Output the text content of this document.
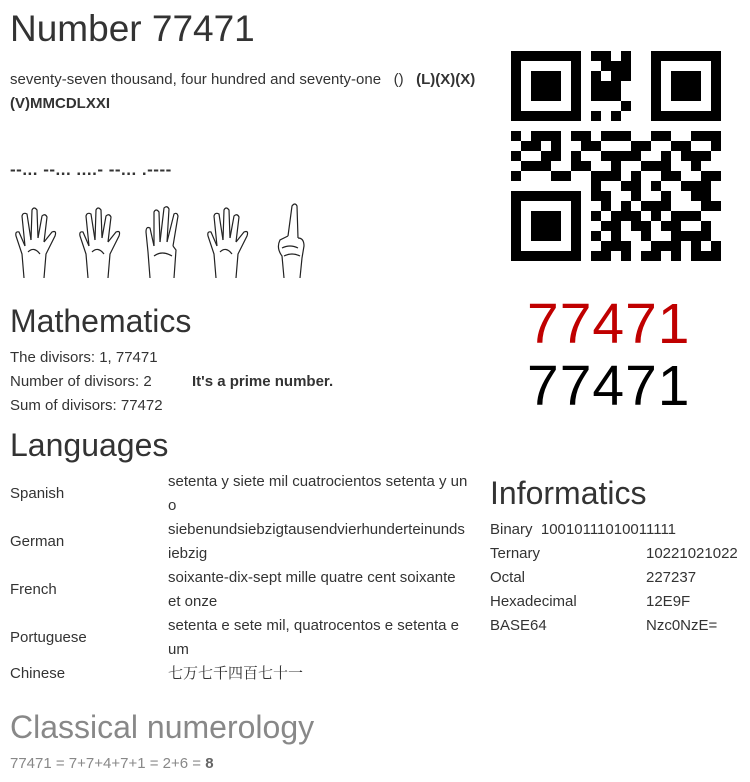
Number 77471
seventy-seven thousand, four hundred and seventy-one () (L)(X)(X)(V)MMCDLXXI
--... --... ....- --... .----
77471
77471
Mathematics
The divisors: 1, 77471
Number of divisors: 2	It's a prime number.
Sum of divisors: 77472
Languages
Spanish	setenta y siete mil cuatrocientos setenta y uno
German	siebenundsiebzigtausendvierhunderteinundsiebzig
French	soixante-dix-sept mille quatre cent soixante et onze
Portuguese	setenta e sete mil, quatrocentos e setenta e um
Chinese	七万七千四百七十一
Informatics
Binary 10010111010011111
Ternary	10221021022
Octal	227237
Hexadecimal	12E9F
BASE64	Nzc0NzE=
Classical numerology
77471 = 7+7+4+7+1 = 2+6 = 8
